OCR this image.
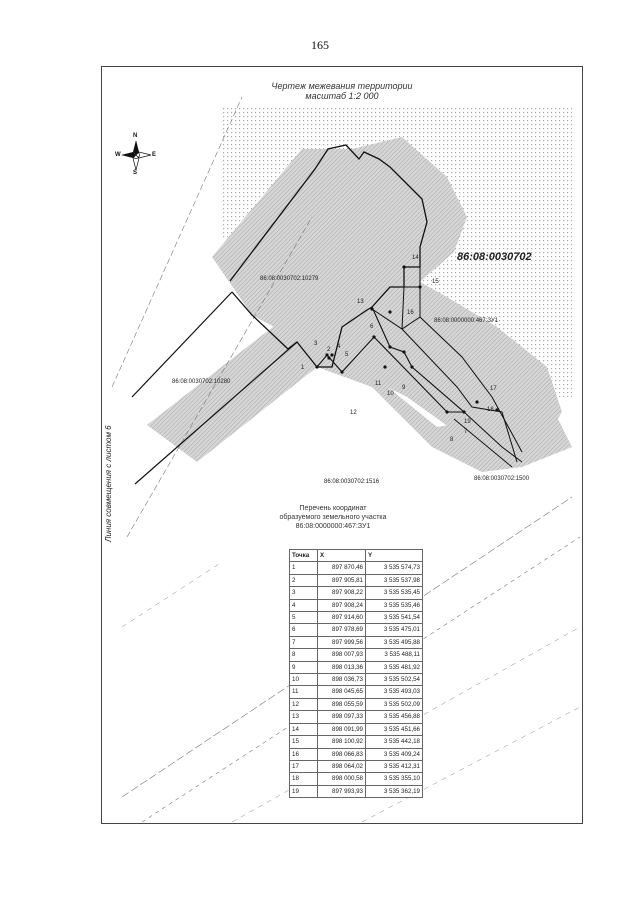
165
Чертеж межевания территории
масштаб 1:2 000
N
S
E
W
86:08:0030702
86:08:0030702:10279
86:08:0030702:10280
86:08:0030702:1516	86:08:0030702:1500
86:08:0000000:467:ЗУ1
1
2
3	4
5
6
7
8
9
10
11
12
13
14
15
16
17
18
19
Линия совмещения с листом 6	Перечень координат
образуемого земельного участка
86:08:0000000:467:ЗУ1
Точка	X	Y
1	897 870,46	3 535 574,73
2	897 905,81	3 535 537,98
3	897 908,22	3 535 535,45
4	897 908,24	3 535 535,46
5	897 914,60	3 535 541,54
6	897 978,69	3 535 475,01
7	897 999,56	3 535 495,88
8	898 007,93	3 535 488,11
9	898 013,36	3 535 481,92
10	898 036,73	3 535 502,54
11	898 045,65	3 535 493,03
12	898 055,59	3 535 502,09
13	898 097,33	3 535 456,88
14	898 091,99	3 535 451,66
15	898 100,92	3 535 442,18
16	898 066,83	3 535 409,24
17	898 064,02	3 535 412,31
18	898 000,58	3 535 355,10
19	897 993,93	3 535 362,19
